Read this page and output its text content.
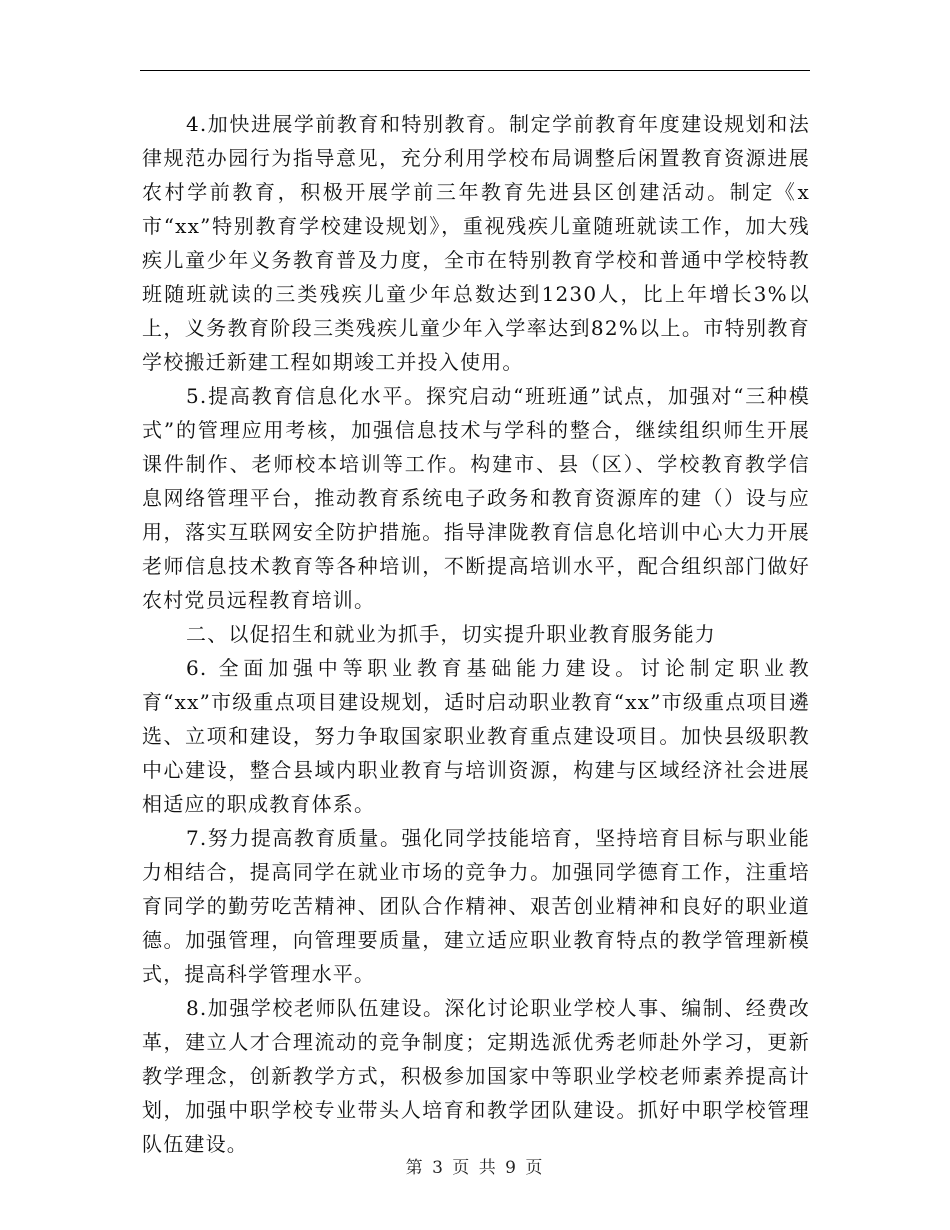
4.加快进展学前教育和特别教育。制定学前教育年度建设规划和法律规范办园行为指导意见，充分利用学校布局调整后闲置教育资源进展农村学前教育，积极开展学前三年教育先进县区创建活动。制定《x市“xx”特别教育学校建设规划》，重视残疾儿童随班就读工作，加大残疾儿童少年义务教育普及力度，全市在特别教育学校和普通中学校特教班随班就读的三类残疾儿童少年总数达到1230人，比上年增长3%以上，义务教育阶段三类残疾儿童少年入学率达到82%以上。市特别教育学校搬迁新建工程如期竣工并投入使用。

5.提高教育信息化水平。探究启动“班班通”试点，加强对“三种模式”的管理应用考核，加强信息技术与学科的整合，继续组织师生开展课件制作、老师校本培训等工作。构建市、县（区）、学校教育教学信息网络管理平台，推动教育系统电子政务和教育资源库的建（）设与应用，落实互联网安全防护措施。指导津陇教育信息化培训中心大力开展老师信息技术教育等各种培训，不断提高培训水平，配合组织部门做好农村党员远程教育培训。

二、以促招生和就业为抓手，切实提升职业教育服务能力

6. 全面加强中等职业教育基础能力建设。讨论制定职业教育“xx”市级重点项目建设规划，适时启动职业教育“xx”市级重点项目遴选、立项和建设，努力争取国家职业教育重点建设项目。加快县级职教中心建设，整合县域内职业教育与培训资源，构建与区域经济社会进展相适应的职成教育体系。

7.努力提高教育质量。强化同学技能培育，坚持培育目标与职业能力相结合，提高同学在就业市场的竞争力。加强同学德育工作，注重培育同学的勤劳吃苦精神、团队合作精神、艰苦创业精神和良好的职业道德。加强管理，向管理要质量，建立适应职业教育特点的教学管理新模式，提高科学管理水平。

8.加强学校老师队伍建设。深化讨论职业学校人事、编制、经费改革，建立人才合理流动的竞争制度；定期选派优秀老师赴外学习，更新教学理念，创新教学方式，积极参加国家中等职业学校老师素养提高计划，加强中职学校专业带头人培育和教学团队建设。抓好中职学校管理队伍建设。

第 3 页 共 9 页
